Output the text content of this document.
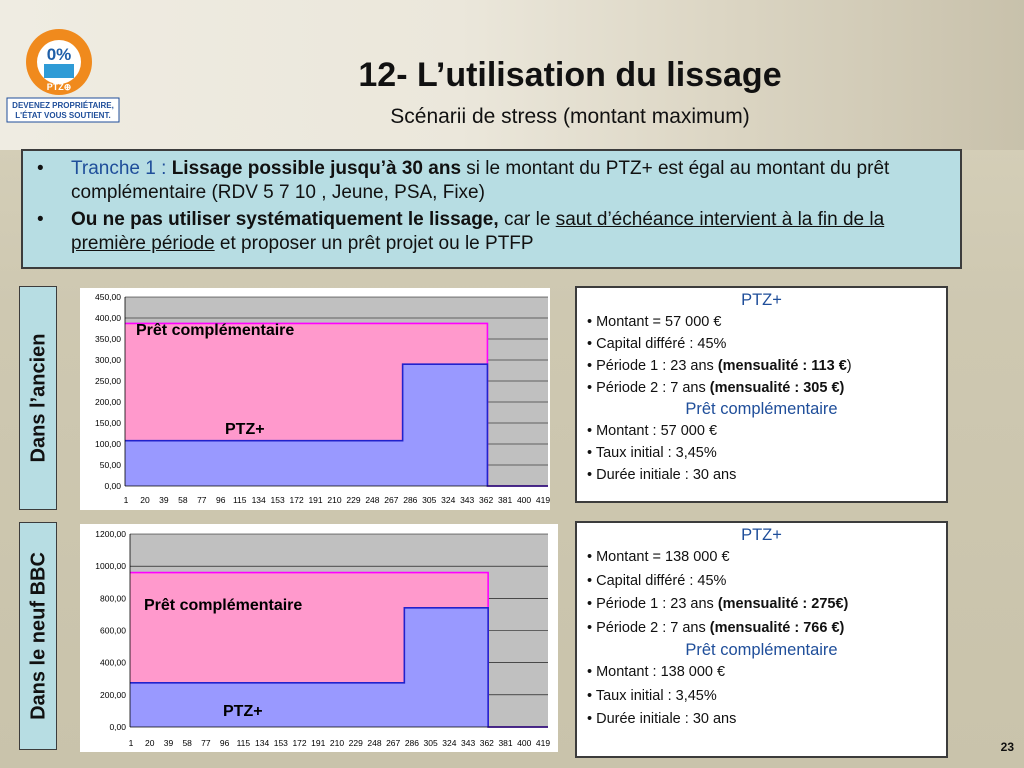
0%
PTZ⊕
DEVENEZ PROPRIÉTAIRE,
L'ÉTAT VOUS SOUTIENT.
12- L’utilisation du lissage
Scénarii de stress (montant maximum)
• Tranche 1 : Lissage possible jusqu’à 30 ans si le montant du PTZ+ est égal au montant du prêt complémentaire (RDV 5 7 10 , Jeune, PSA, Fixe)
• Ou ne pas utiliser systématiquement le lissage, car le saut d’échéance intervient à la fin de la première période et proposer un prêt projet ou le PTFP
Dans l’ancien
0,00
50,00
100,00
150,00
200,00
250,00
300,00
350,00
400,00
450,00
1 20 39 58 77 96 115 134 153 172 191 210 229 248 267 286 305 324 343 362 381 400 419
Prêt complémentaire
PTZ+
PTZ+
• Montant = 57 000 €
• Capital différé : 45%
• Période 1 : 23 ans (mensualité : 113 €)
• Période 2 : 7 ans (mensualité : 305 €)
Prêt complémentaire
• Montant : 57 000 €
• Taux initial : 3,45%
• Durée initiale : 30 ans
Dans le neuf BBC
0,00
200,00
400,00
600,00
800,00
1000,00
1200,00
1 20 39 58 77 96 115 134 153 172 191 210 229 248 267 286 305 324 343 362 381 400 419
Prêt complémentaire
PTZ+
PTZ+
• Montant = 138 000 €
• Capital différé : 45%
• Période 1 : 23 ans (mensualité : 275€)
• Période 2 : 7 ans (mensualité : 766 €)
Prêt complémentaire
• Montant : 138 000 €
• Taux initial : 3,45%
• Durée initiale : 30 ans
23
